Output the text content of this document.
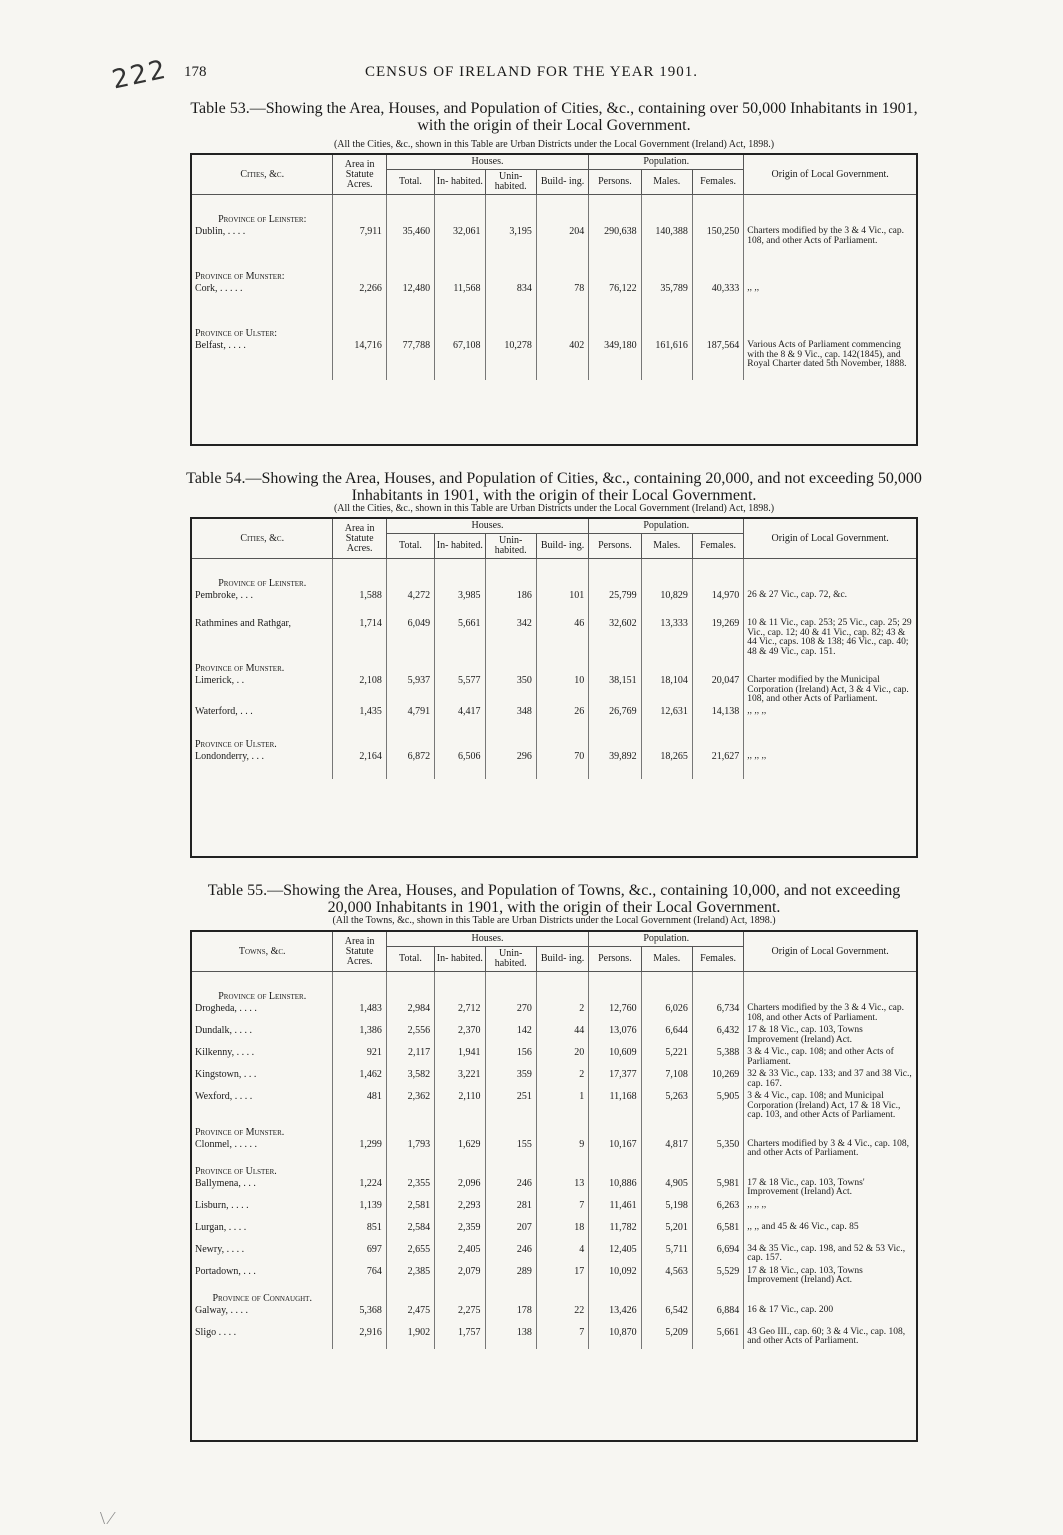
222 178	CENSUS OF IRELAND FOR THE YEAR 1901.
Table 53.—Showing the Area, Houses, and Population of Cities, &c., containing over 50,000 Inhabitants in 1901, with the origin of their Local Government.
(All the Cities, &c., shown in this Table are Urban Districts under the Local Government (Ireland) Act, 1898.)
Cities, &c.	Area in Statute Acres.	Houses.				Population.			Origin of Local Government.
		Total.	In- habited.	Unin- habited.	Build- ing.	Persons.	Males.	Females.	

Province of Leinster:									

Dublin, . . . .	7,911	35,460	32,061	3,195	204	290,638	140,388	150,250	Charters modified by the 3 & 4 Vic., cap. 108, and other Acts of Parliament.
Province of Munster:									
Cork, . . . . .	2,266	12,480	11,568	834	78	76,122	35,789	40,333	,, ,,
Province of Ulster:									
Belfast, . . . .	14,716	77,788	67,108	10,278	402	349,180	161,616	187,564	Various Acts of Parliament commencing with the 8 & 9 Vic., cap. 142(1845), and Royal Charter dated 5th November, 1888.
Table 54.—Showing the Area, Houses, and Population of Cities, &c., containing 20,000, and not exceeding 50,000 Inhabitants in 1901, with the origin of their Local Government.
(All the Cities, &c., shown in this Table are Urban Districts under the Local Government (Ireland) Act, 1898.)
Cities, &c.	Area in Statute Acres.	Houses.				Population.			Origin of Local Government.
		Total.	In- habited.	Unin- habited.	Build- ing.	Persons.	Males.	Females.	

Province of Leinster.									

Pembroke, . . .	1,588	4,272	3,985	186	101	25,799	10,829	14,970	26 & 27 Vic., cap. 72, &c.
Rathmines and Rathgar,	1,714	6,049	5,661	342	46	32,602	13,333	19,269	10 & 11 Vic., cap. 253; 25 Vic., cap. 25; 29 Vic., cap. 12; 40 & 41 Vic., cap. 82; 43 & 44 Vic., caps. 108 & 138; 46 Vic., cap. 40; 48 & 49 Vic., cap. 151.
Province of Munster.									
Limerick, . .	2,108	5,937	5,577	350	10	38,151	18,104	20,047	Charter modified by the Municipal Corporation (Ireland) Act, 3 & 4 Vic., cap. 108, and other Acts of Parliament.
Waterford, . . .	1,435	4,791	4,417	348	26	26,769	12,631	14,138	,, ,, ,,
Province of Ulster.									
Londonderry, . . .	2,164	6,872	6,506	296	70	39,892	18,265	21,627	,, ,, ,,
Table 55.—Showing the Area, Houses, and Population of Towns, &c., containing 10,000, and not exceeding 20,000 Inhabitants in 1901, with the origin of their Local Government.
(All the Towns, &c., shown in this Table are Urban Districts under the Local Government (Ireland) Act, 1898.)
Towns, &c.	Area in Statute Acres.	Houses.				Population.			Origin of Local Government.
		Total.	In- habited.	Unin- habited.	Build- ing.	Persons.	Males.	Females.	

Province of Leinster.									

Drogheda, . . . .	1,483	2,984	2,712	270	2	12,760	6,026	6,734	Charters modified by the 3 & 4 Vic., cap. 108, and other Acts of Parliament.
Dundalk, . . . .	1,386	2,556	2,370	142	44	13,076	6,644	6,432	17 & 18 Vic., cap. 103, Towns Improvement (Ireland) Act.
Kilkenny, . . . .	921	2,117	1,941	156	20	10,609	5,221	5,388	3 & 4 Vic., cap. 108; and other Acts of Parliament.
Kingstown, . . .	1,462	3,582	3,221	359	2	17,377	7,108	10,269	32 & 33 Vic., cap. 133; and 37 and 38 Vic., cap. 167.
Wexford, . . . .	481	2,362	2,110	251	1	11,168	5,263	5,905	3 & 4 Vic., cap. 108; and Municipal Corporation (Ireland) Act, 17 & 18 Vic., cap. 103, and other Acts of Parliament.
Province of Munster.									
Clonmel, . . . . .	1,299	1,793	1,629	155	9	10,167	4,817	5,350	Charters modified by 3 & 4 Vic., cap. 108, and other Acts of Parliament.
Province of Ulster.									
Ballymena, . . .	1,224	2,355	2,096	246	13	10,886	4,905	5,981	17 & 18 Vic., cap. 103, Towns' Improvement (Ireland) Act.
Lisburn, . . . .	1,139	2,581	2,293	281	7	11,461	5,198	6,263	,, ,, ,,
Lurgan, . . . .	851	2,584	2,359	207	18	11,782	5,201	6,581	,, ,, and 45 & 46 Vic., cap. 85
Newry, . . . .	697	2,655	2,405	246	4	12,405	5,711	6,694	34 & 35 Vic., cap. 198, and 52 & 53 Vic., cap. 157.
Portadown, . . .	764	2,385	2,079	289	17	10,092	4,563	5,529	17 & 18 Vic., cap. 103, Towns Improvement (Ireland) Act.

Province of Connaught.									

Galway, . . . .	5,368	2,475	2,275	178	22	13,426	6,542	6,884	16 & 17 Vic., cap. 200
Sligo . . . .	2,916	1,902	1,757	138	7	10,870	5,209	5,661	43 Geo III., cap. 60; 3 & 4 Vic., cap. 108, and other Acts of Parliament.
\ ⁄
